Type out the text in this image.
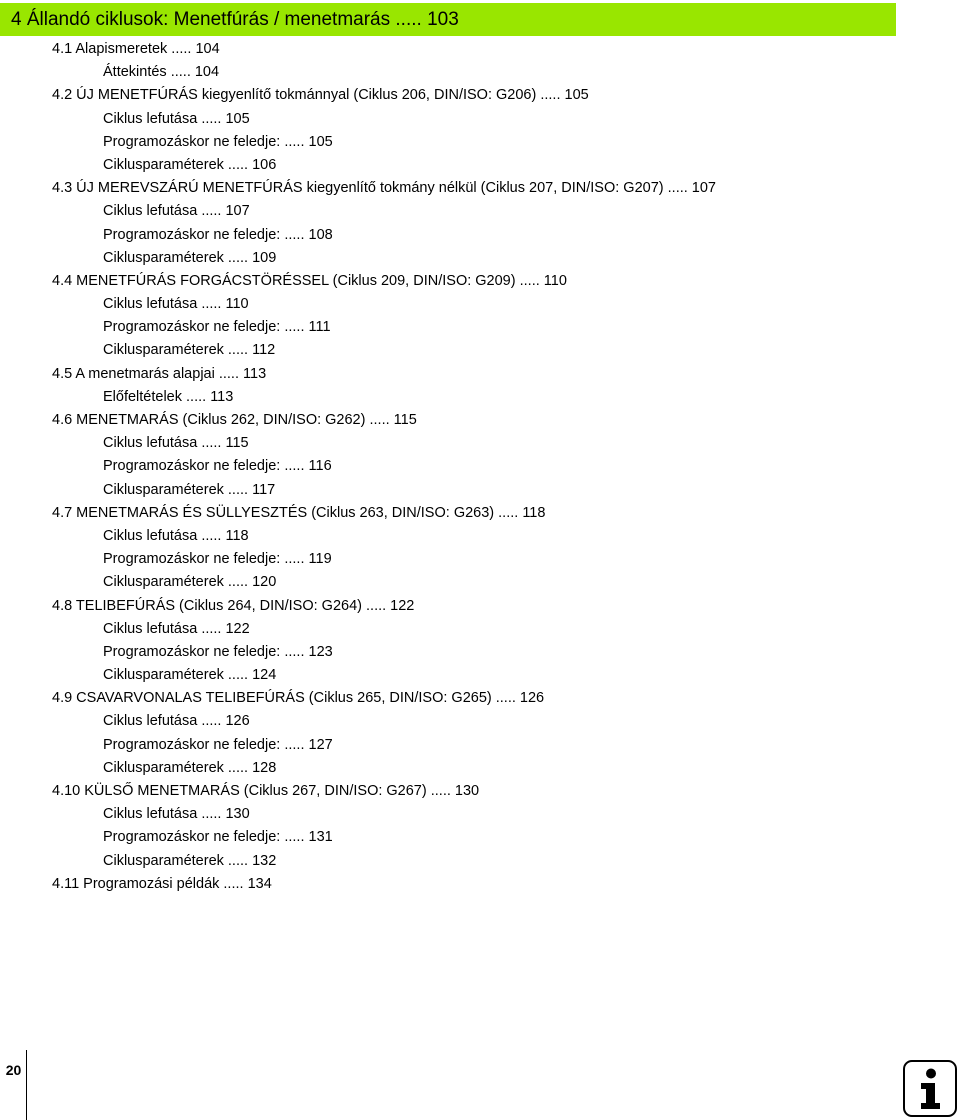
4 Állandó ciklusok: Menetfúrás / menetmarás ..... 103
4.1 Alapismeretek ..... 104
Áttekintés ..... 104
4.2 ÚJ MENETFÚRÁS kiegyenlítő tokmánnyal (Ciklus 206, DIN/ISO: G206) ..... 105
Ciklus lefutása ..... 105
Programozáskor ne feledje: ..... 105
Ciklusparaméterek ..... 106
4.3 ÚJ MEREVSZÁRÚ MENETFÚRÁS kiegyenlítő tokmány nélkül (Ciklus 207, DIN/ISO: G207) ..... 107
Ciklus lefutása ..... 107
Programozáskor ne feledje: ..... 108
Ciklusparaméterek ..... 109
4.4 MENETFÚRÁS FORGÁCSTÖRÉSSEL (Ciklus 209, DIN/ISO: G209) ..... 110
Ciklus lefutása ..... 110
Programozáskor ne feledje: ..... 111
Ciklusparaméterek ..... 112
4.5 A menetmarás alapjai ..... 113
Előfeltételek ..... 113
4.6 MENETMARÁS (Ciklus 262, DIN/ISO: G262) ..... 115
Ciklus lefutása ..... 115
Programozáskor ne feledje: ..... 116
Ciklusparaméterek ..... 117
4.7 MENETMARÁS ÉS SÜLLYESZTÉS (Ciklus 263, DIN/ISO: G263) ..... 118
Ciklus lefutása ..... 118
Programozáskor ne feledje: ..... 119
Ciklusparaméterek ..... 120
4.8 TELIBEFÚRÁS (Ciklus 264, DIN/ISO: G264) ..... 122
Ciklus lefutása ..... 122
Programozáskor ne feledje: ..... 123
Ciklusparaméterek ..... 124
4.9 CSAVARVONALAS TELIBEFÚRÁS (Ciklus 265, DIN/ISO: G265) ..... 126
Ciklus lefutása ..... 126
Programozáskor ne feledje: ..... 127
Ciklusparaméterek ..... 128
4.10 KÜLSŐ MENETMARÁS (Ciklus 267, DIN/ISO: G267) ..... 130
Ciklus lefutása ..... 130
Programozáskor ne feledje: ..... 131
Ciklusparaméterek ..... 132
4.11 Programozási példák ..... 134
20
